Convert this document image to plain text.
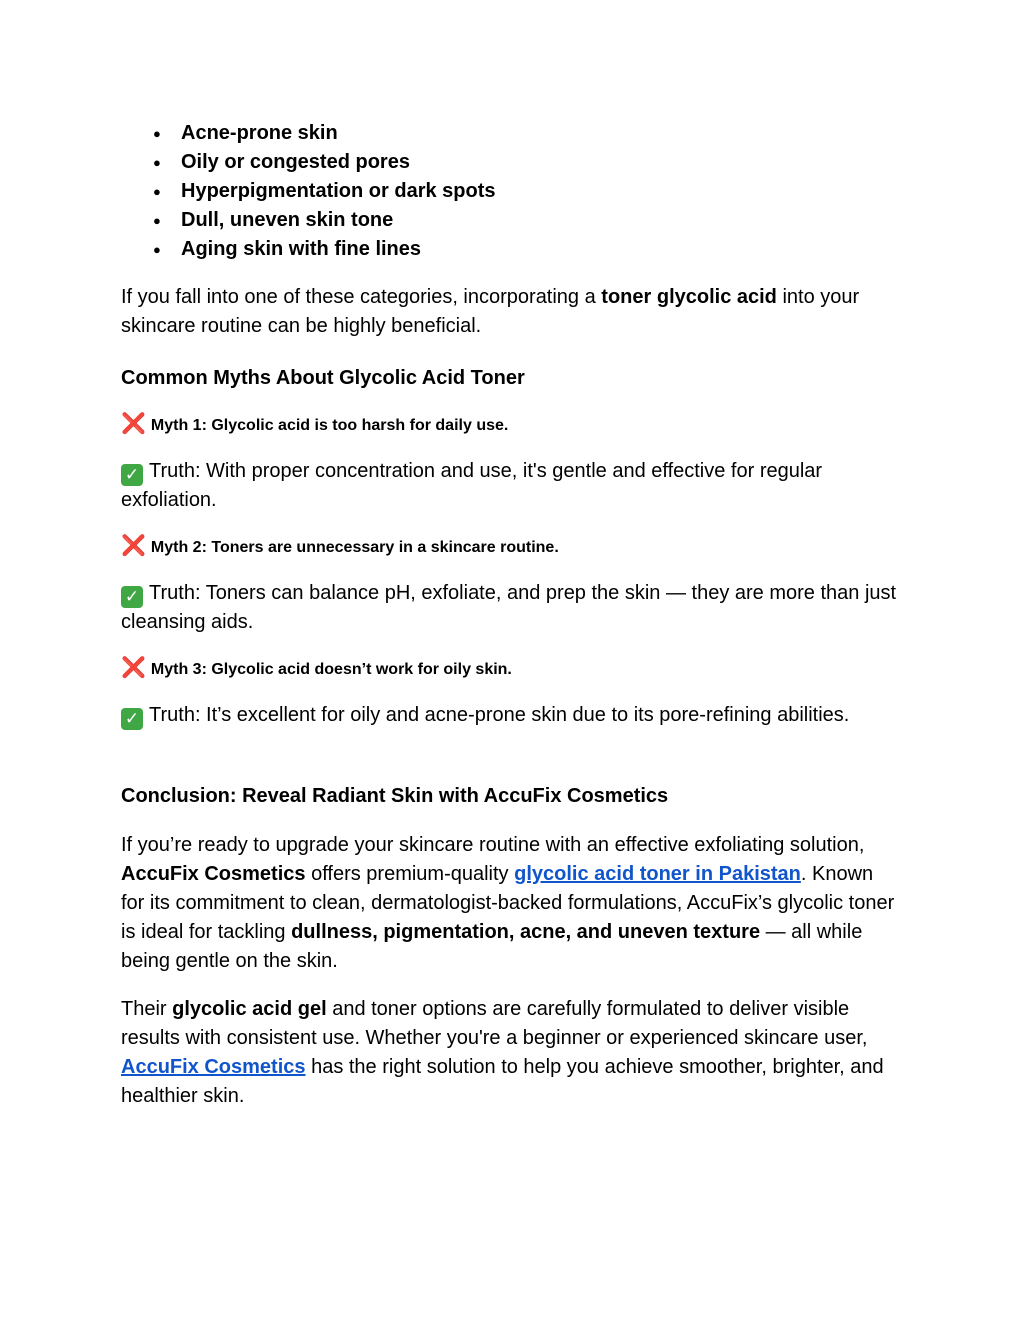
● Acne-prone skin
● Oily or congested pores
● Hyperpigmentation or dark spots
● Dull, uneven skin tone
● Aging skin with fine lines

If you fall into one of these categories, incorporating a toner glycolic acid into your skincare routine can be highly beneficial.

Common Myths About Glycolic Acid Toner

❌ Myth 1: Glycolic acid is too harsh for daily use.

✓ Truth: With proper concentration and use, it's gentle and effective for regular exfoliation.

❌ Myth 2: Toners are unnecessary in a skincare routine.

✓ Truth: Toners can balance pH, exfoliate, and prep the skin — they are more than just cleansing aids.

❌ Myth 3: Glycolic acid doesn’t work for oily skin.

✓ Truth: It’s excellent for oily and acne-prone skin due to its pore-refining abilities.

Conclusion: Reveal Radiant Skin with AccuFix Cosmetics

If you’re ready to upgrade your skincare routine with an effective exfoliating solution, AccuFix Cosmetics offers premium-quality glycolic acid toner in Pakistan. Known for its commitment to clean, dermatologist-backed formulations, AccuFix’s glycolic toner is ideal for tackling dullness, pigmentation, acne, and uneven texture — all while being gentle on the skin.

Their glycolic acid gel and toner options are carefully formulated to deliver visible results with consistent use. Whether you're a beginner or experienced skincare user, AccuFix Cosmetics has the right solution to help you achieve smoother, brighter, and healthier skin.
